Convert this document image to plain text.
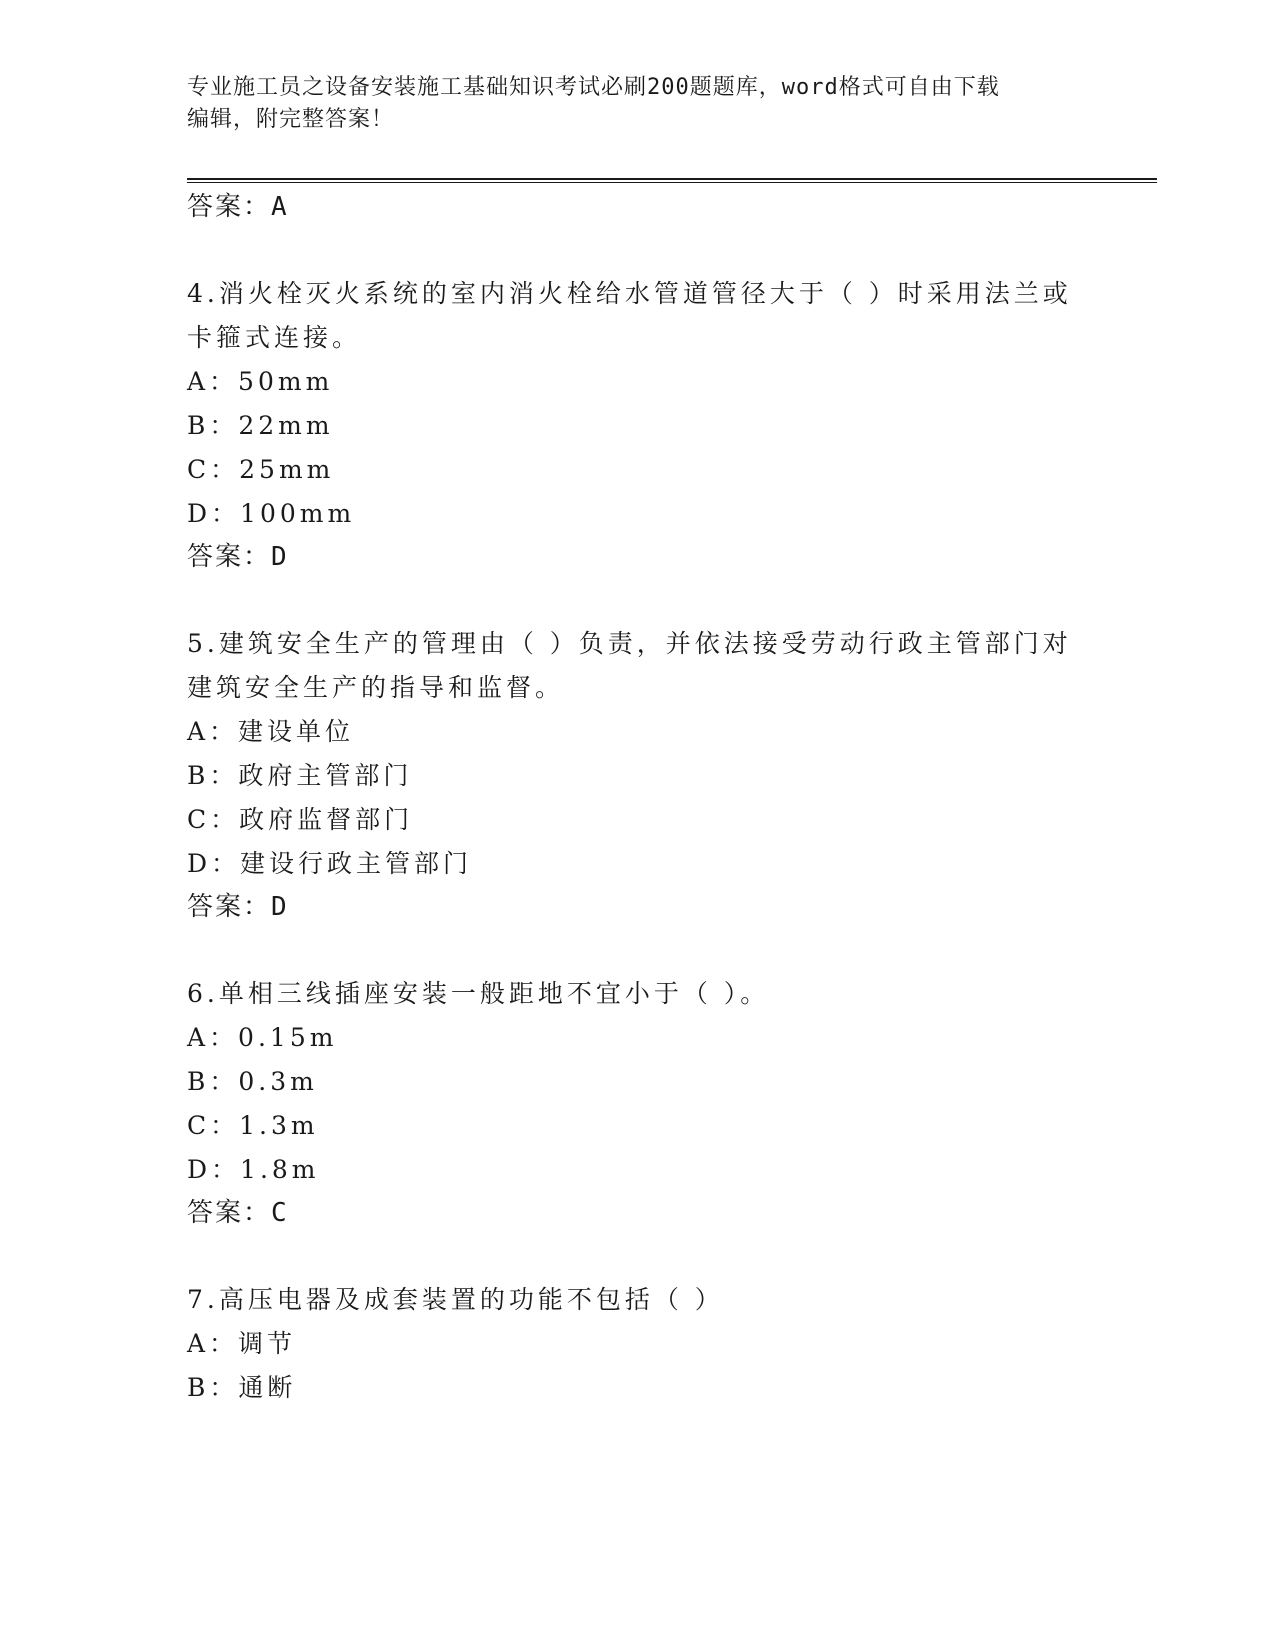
专业施工员之设备安装施工基础知识考试必刷200题题库，word格式可自由下载
编辑，附完整答案！
答案：A
4.消火栓灭火系统的室内消火栓给水管道管径大于（ ）时采用法兰或
卡箍式连接。
A：50mm
B：22mm
C：25mm
D：100mm
答案：D
5.建筑安全生产的管理由（ ）负责，并依法接受劳动行政主管部门对
建筑安全生产的指导和监督。
A：建设单位
B：政府主管部门
C：政府监督部门
D：建设行政主管部门
答案：D
6.单相三线插座安装一般距地不宜小于（ ）。
A：0.15m
B：0.3m
C：1.3m
D：1.8m
答案：C
7.高压电器及成套装置的功能不包括（ ）
A：调节
B：通断
